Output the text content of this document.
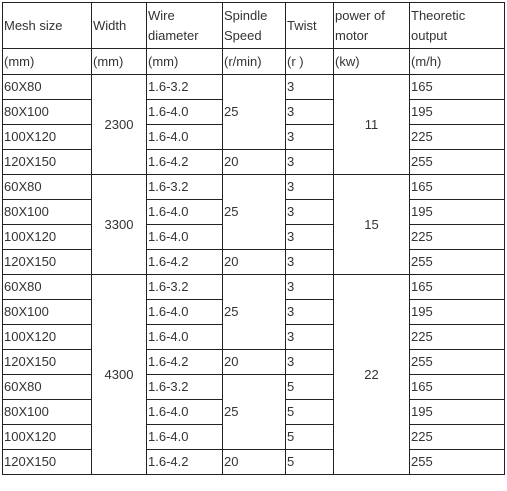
Mesh size	Width	Wire diameter	Spindle Speed	Twist	power of motor	Theoretic output
(mm)	(mm)	(mm)	(r/min)	(r )	(kw)	(m/h)
60X80	2300	1.6-3.2	25	3	11	165
80X100		1.6-4.0		3		195
100X120		1.6-4.0		3		225
120X150		1.6-4.2	20	3		255
60X80	3300	1.6-3.2	25	3	15	165
80X100		1.6-4.0		3		195
100X120		1.6-4.0		3		225
120X150		1.6-4.2	20	3		255
60X80	4300	1.6-3.2	25	3	22	165
80X100		1.6-4.0		3		195
100X120		1.6-4.0		3		225
120X150		1.6-4.2	20	3		255
60X80		1.6-3.2	25	5		165
80X100		1.6-4.0		5		195
100X120		1.6-4.0		5		225
120X150		1.6-4.2	20	5		255
